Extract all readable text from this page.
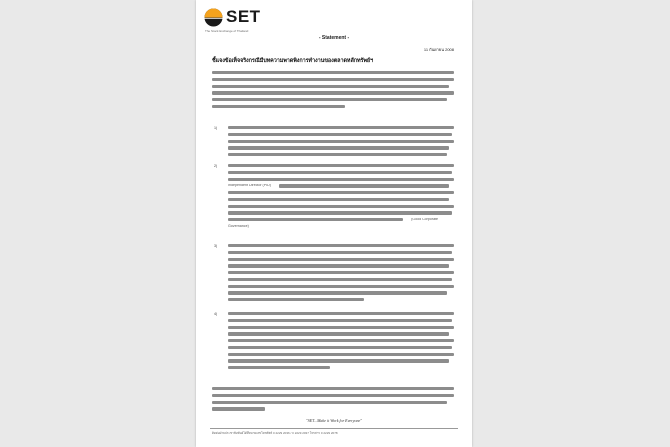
SET
The Stock Exchange of Thailand
- Statement -
11 กันยายน 2008
ชี้แจงข้อเท็จจริงกรณีมีบทความพาดพิงการทำงานของตลาดหลักทรัพย์ฯ
1)
2)
Independent Director (PID)
(Good Corporate
Governance)
3)
4)
"SET...Make it Work for Everyone"
ติดต่อฝ่ายประชาสัมพันธ์ได้ที่หมายเลขโทรศัพท์ 0 2229 2036 / 0 2229 2037 โทรสาร 0 2229 2078
